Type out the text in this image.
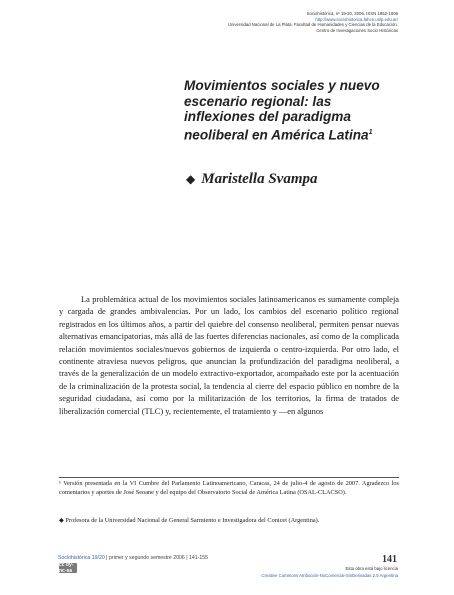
Sociohistórica, nº 19-20, 2006. ISSN 1852-1606
http://www.sociohistorica.fahce.unlp.edu.ar/
Universidad Nacional de La Plata. Facultad de Humanidades y Ciencias de la Educación.
Centro de Investigaciones Socio Históricas
Movimientos sociales y nuevo
escenario regional: las
inflexiones del paradigma
neoliberal en América Latina$^1$
◆ Maristella Svampa

La problemática actual de los movimientos sociales latinoamericanos es sumamente compleja y cargada de grandes ambivalencias. Por un lado, los cambios del escenario político regional registrados en los últimos años, a partir del quiebre del consenso neoliberal, permiten pensar nuevas alternativas emancipatorias, más allá de las fuertes diferencias nacionales, así como de la complicada relación movimientos sociales/nuevos gobiernos de izquierda o centro-izquierda. Por otro lado, el continente atraviesa nuevos peligros, que anuncian la profundización del paradigma neoliberal, a través de la generalización de un modelo extractivo-exportador, acompañado este por la acentuación de la criminalización de la protesta social, la tendencia al cierre del espacio público en nombre de la seguridad ciudadana, así como por la militarización de los territorios, la firma de tratados de liberalización comercial (TLC) y, recientemente, el tratamiento y —en algunos

¹ Versión presentada en la VI Cumbre del Parlamento Latinoamericano, Caracas, 24 de julio-4 de agosto de 2007. Agradezco los comentarios y aportes de José Seoane y del equipo del Observatorio Social de América Latina (OSAL-CLACSO).
◆ Profesora de la Universidad Nacional de General Sarmiento e Investigadora del Conicet (Argentina).
Sociohistórica 19/20 | primer y segundo semestre 2006 | 141-155
cc by-nc-sa
141
Esta obra está bajo licencia
Creative Commons Atribución-NoComercial-SinDerivadas 2.5 Argentina
